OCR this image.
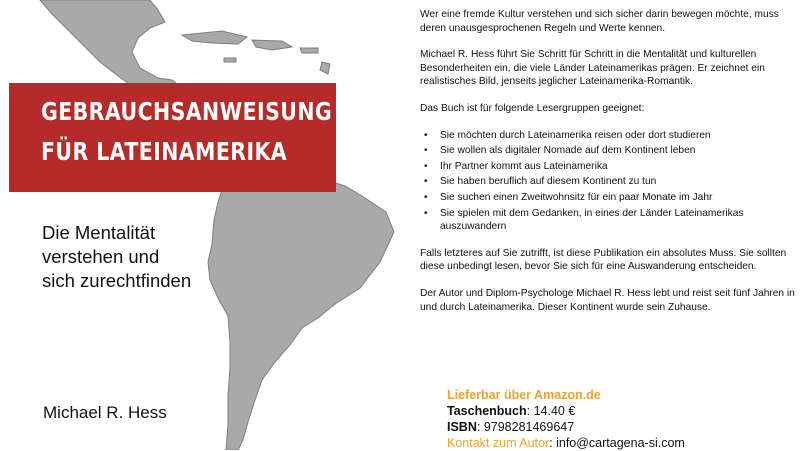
GEBRAUCHSANWEISUNG
FÜR LATEINAMERIKA
Die Mentalität
verstehen und
sich zurechtfinden
Michael R. Hess

Wer eine fremde Kultur verstehen und sich sicher darin bewegen möchte, muss deren unausgesprochenen Regeln und Werte kennen.

Michael R. Hess führt Sie Schritt für Schritt in die Mentalität und kulturellen Besonderheiten ein, die viele Länder Lateinamerikas prägen. Er zeichnet ein realistisches Bild, jenseits jeglicher Lateinamerika-Romantik.

Das Buch ist für folgende Lesergruppen geeignet:

• Sie möchten durch Lateinamerika reisen oder dort studieren
• Sie wollen als digitaler Nomade auf dem Kontinent leben
• Ihr Partner kommt aus Lateinamerika
• Sie haben beruflich auf diesem Kontinent zu tun
• Sie suchen einen Zweitwohnsitz für ein paar Monate im Jahr
• Sie spielen mit dem Gedanken, in eines der Länder Lateinamerikas auszuwandern

Falls letzteres auf Sie zutrifft, ist diese Publikation ein absolutes Muss. Sie sollten diese unbedingt lesen, bevor Sie sich für eine Auswanderung entscheiden.

Der Autor und Diplom-Psychologe Michael R. Hess lebt und reist seit fünf Jahren in und durch Lateinamerika. Dieser Kontinent wurde sein Zuhause.

Lieferbar über Amazon.de
Taschenbuch: 14.40 €
ISBN: 9798281469647
Kontakt zum Autor: info@cartagena-si.com
